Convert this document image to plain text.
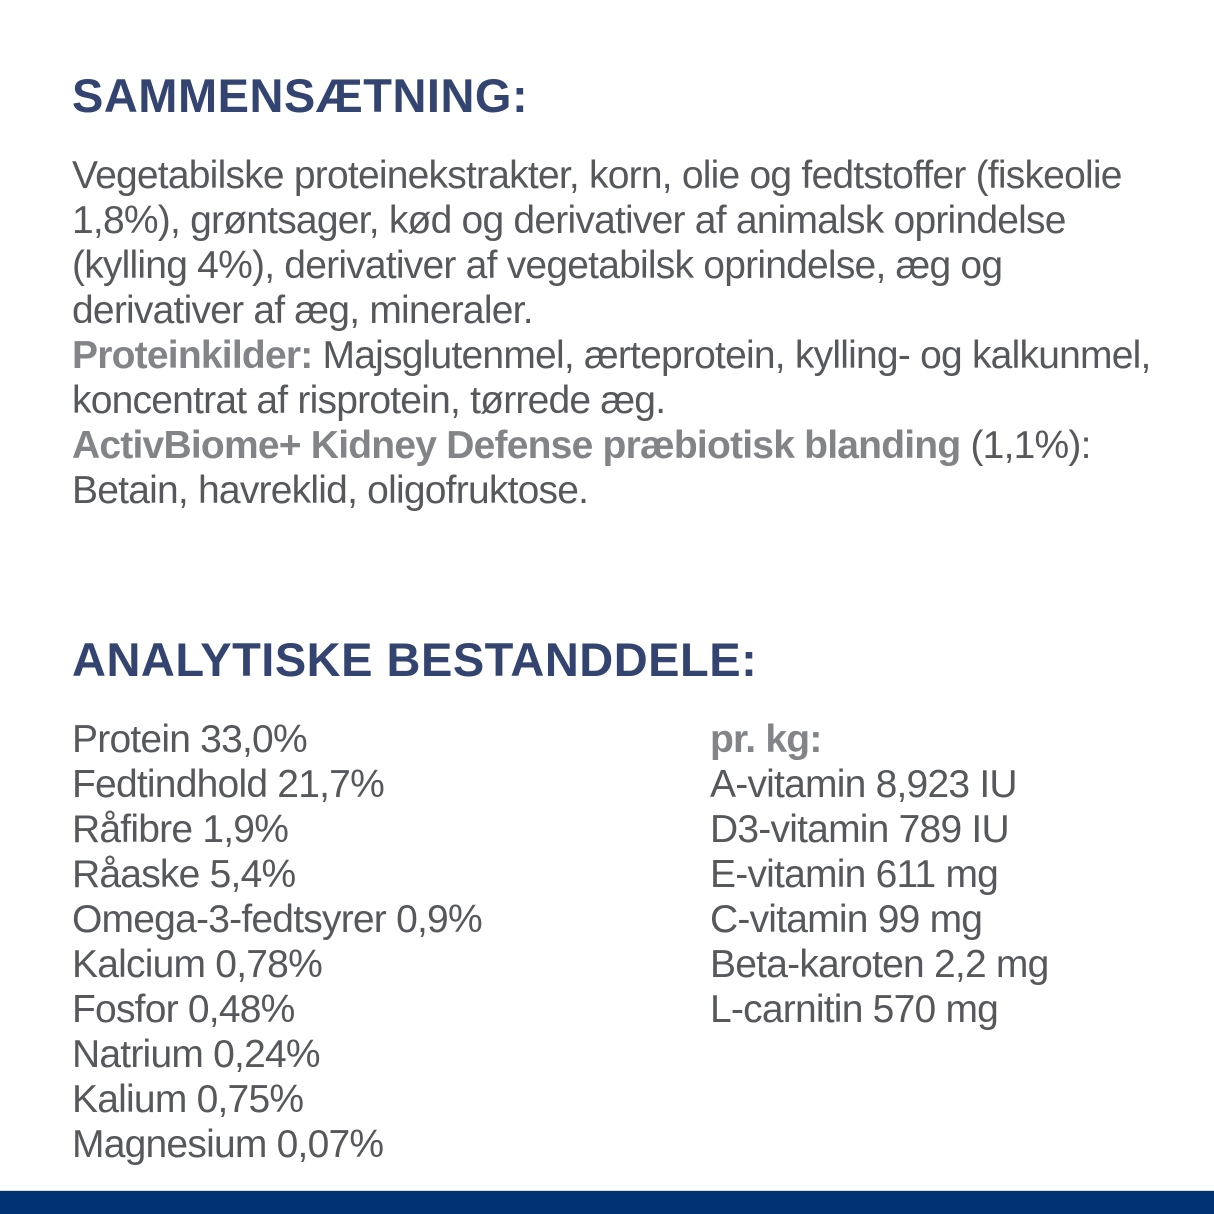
SAMMENSÆTNING:

Vegetabilske proteinekstrakter, korn, olie og fedtstoffer (fiskeolie 1,8%), grøntsager, kød og derivativer af animalsk oprindelse (kylling 4%), derivativer af vegetabilsk oprindelse, æg og derivativer af æg, mineraler.

Proteinkilder: Majsglutenmel, ærteprotein, kylling- og kalkunmel, koncentrat af risprotein, tørrede æg.

ActivBiome+ Kidney Defense præbiotisk blanding (1,1%): Betain, havreklid, oligofruktose.

ANALYTISKE BESTANDDELE:
Protein 33,0%
Fedtindhold 21,7%
Råfibre 1,9%
Råaske 5,4%
Omega-3-fedtsyrer 0,9%
Kalcium 0,78%
Fosfor 0,48%
Natrium 0,24%
Kalium 0,75%
Magnesium 0,07%
pr. kg:
A-vitamin 8,923 IU
D3-vitamin 789 IU
E-vitamin 611 mg
C-vitamin 99 mg
Beta-karoten 2,2 mg
L-carnitin 570 mg
